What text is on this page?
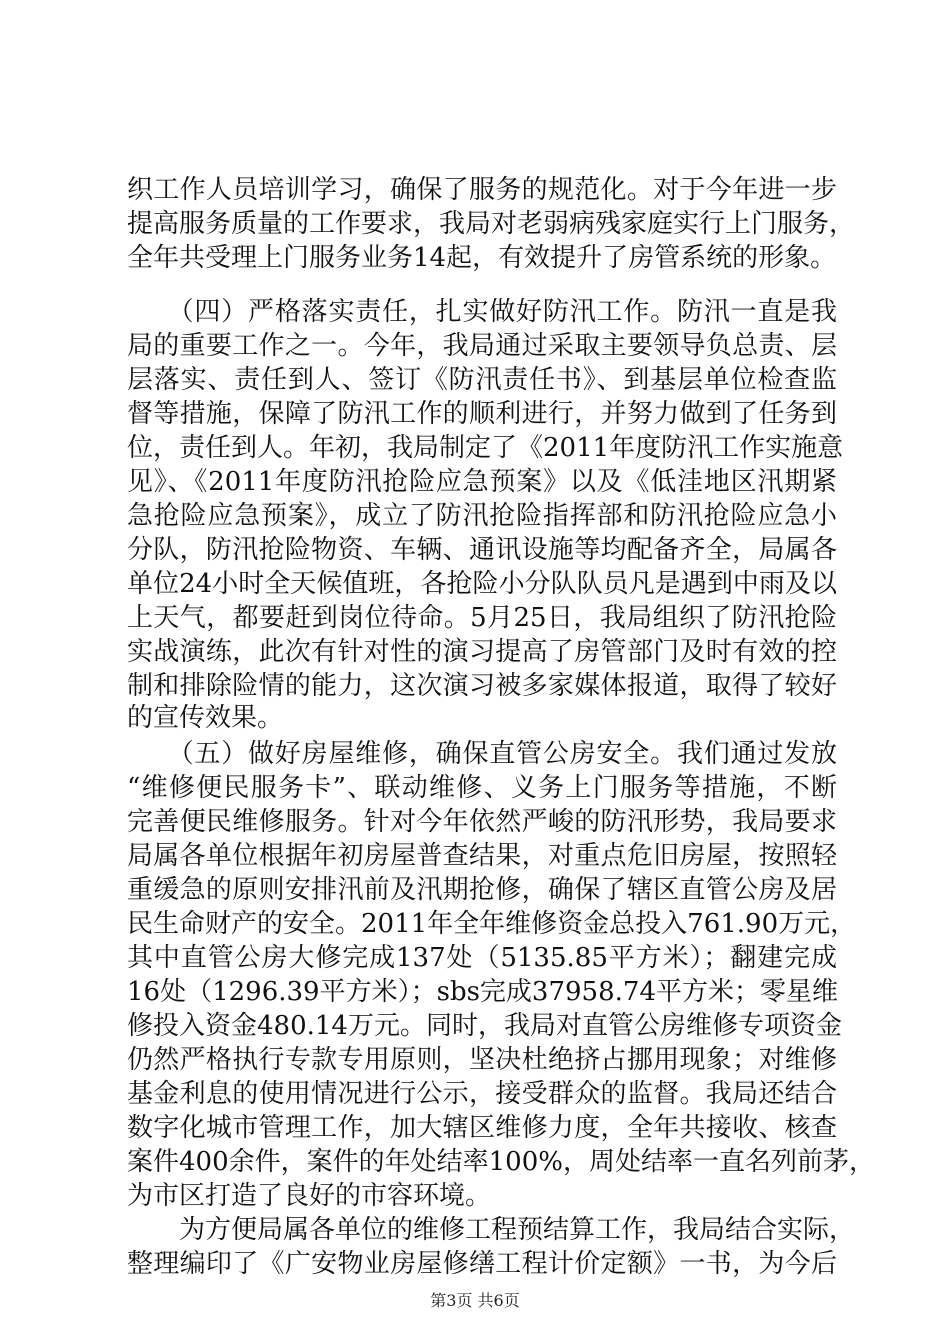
织工作人员培训学习，确保了服务的规范化。对于今年进一步
提高服务质量的工作要求，我局对老弱病残家庭实行上门服务，
全年共受理上门服务业务14起，有效提升了房管系统的形象。
　　（四）严格落实责任，扎实做好防汛工作。防汛一直是我
局的重要工作之一。今年，我局通过采取主要领导负总责、层
层落实、责任到人、签订《防汛责任书》、到基层单位检查监
督等措施，保障了防汛工作的顺利进行，并努力做到了任务到
位，责任到人。年初，我局制定了《2011年度防汛工作实施意
见》、《2011年度防汛抢险应急预案》以及《低洼地区汛期紧
急抢险应急预案》，成立了防汛抢险指挥部和防汛抢险应急小
分队，防汛抢险物资、车辆、通讯设施等均配备齐全，局属各
单位24小时全天候值班，各抢险小分队队员凡是遇到中雨及以
上天气，都要赶到岗位待命。5月25日，我局组织了防汛抢险
实战演练，此次有针对性的演习提高了房管部门及时有效的控
制和排除险情的能力，这次演习被多家媒体报道，取得了较好
的宣传效果。
　　（五）做好房屋维修，确保直管公房安全。我们通过发放
“维修便民服务卡”、联动维修、义务上门服务等措施，不断
完善便民维修服务。针对今年依然严峻的防汛形势，我局要求
局属各单位根据年初房屋普查结果，对重点危旧房屋，按照轻
重缓急的原则安排汛前及汛期抢修，确保了辖区直管公房及居
民生命财产的安全。2011年全年维修资金总投入761.90万元，
其中直管公房大修完成137处（5135.85平方米）；翻建完成
16处（1296.39平方米）；sbs完成37958.74平方米；零星维
修投入资金480.14万元。同时，我局对直管公房维修专项资金
仍然严格执行专款专用原则，坚决杜绝挤占挪用现象；对维修
基金利息的使用情况进行公示，接受群众的监督。我局还结合
数字化城市管理工作，加大辖区维修力度，全年共接收、核查
案件400余件，案件的年处结率100%，周处结率一直名列前茅，
为市区打造了良好的市容环境。
　　为方便局属各单位的维修工程预结算工作，我局结合实际，
整理编印了《广安物业房屋修缮工程计价定额》一书，为今后
第3页 共6页
